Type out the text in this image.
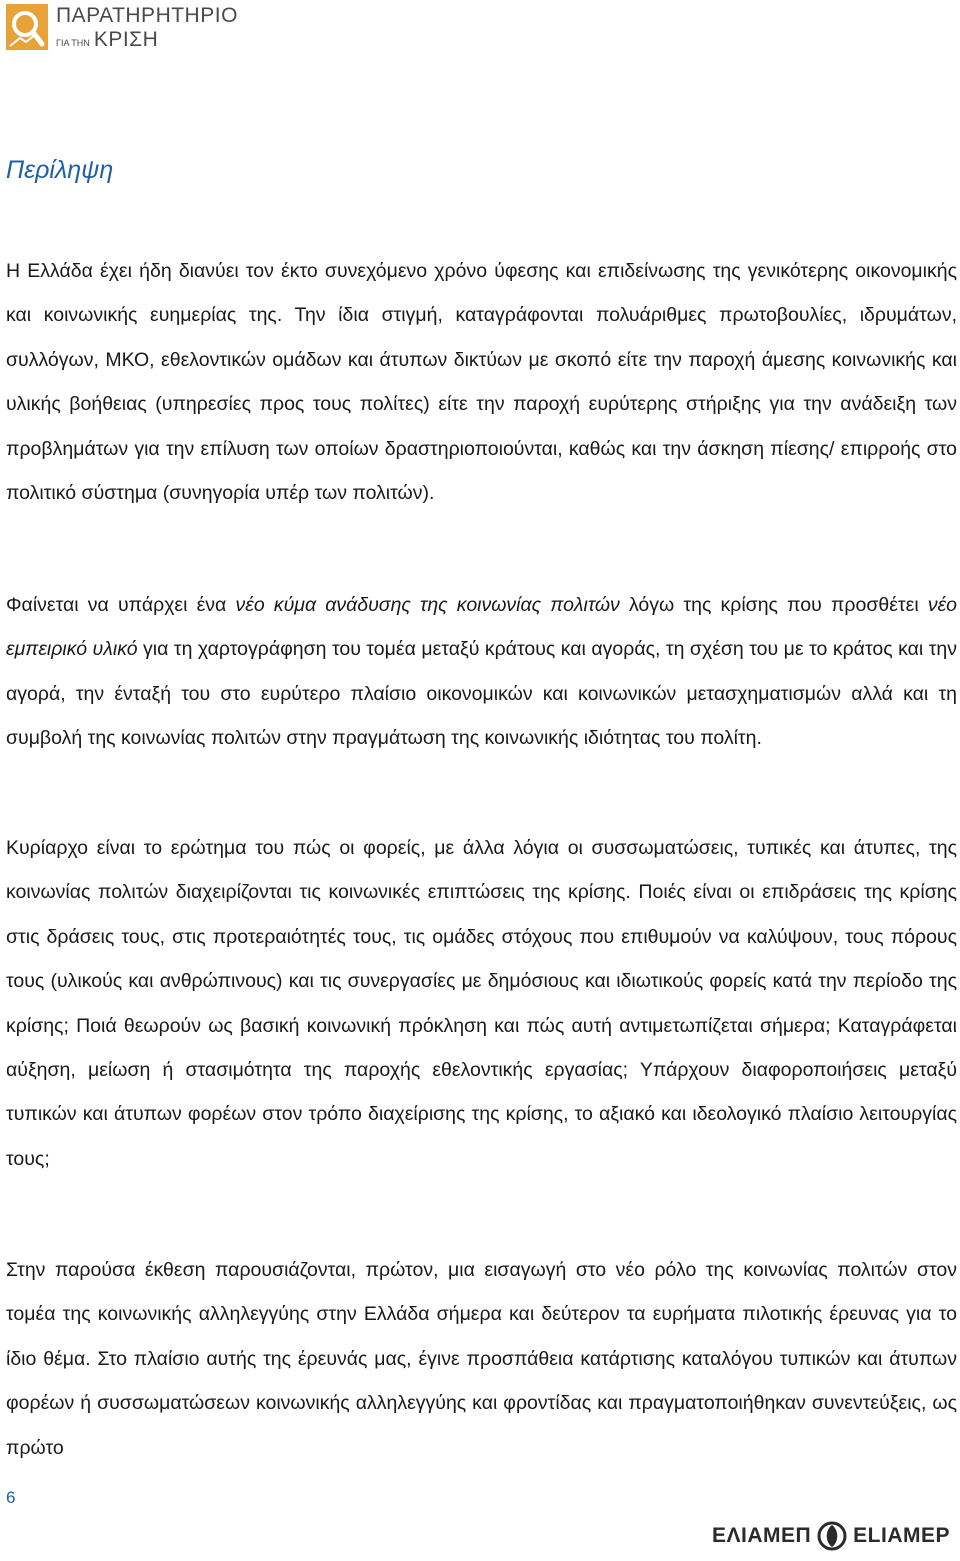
ΠΑΡΑΤΗΡΗΤΗΡΙΟ
ΓΙΑ ΤΗΝ ΚΡΙΣΗ
Περίληψη

Η Ελλάδα έχει ήδη διανύει τον έκτο συνεχόμενο χρόνο ύφεσης και επιδείνωσης της γενικότερης οικονομικής και κοινωνικής ευημερίας της. Την ίδια στιγμή, καταγράφονται πολυάριθμες πρωτοβουλίες, ιδρυμάτων, συλλόγων, ΜΚΟ, εθελοντικών ομάδων και άτυπων δικτύων με σκοπό είτε την παροχή άμεσης κοινωνικής και υλικής βοήθειας (υπηρεσίες προς τους πολίτες) είτε την παροχή ευρύτερης στήριξης για την ανάδειξη των προβλημάτων για την επίλυση των οποίων δραστηριοποιούνται, καθώς και την άσκηση πίεσης/ επιρροής στο πολιτικό σύστημα (συνηγορία υπέρ των πολιτών).

Φαίνεται να υπάρχει ένα νέο κύμα ανάδυσης της κοινωνίας πολιτών λόγω της κρίσης που προσθέτει νέο εμπειρικό υλικό για τη χαρτογράφηση του τομέα μεταξύ κράτους και αγοράς, τη σχέση του με το κράτος και την αγορά, την ένταξή του στο ευρύτερο πλαίσιο οικονομικών και κοινωνικών μετασχηματισμών αλλά και τη συμβολή της κοινωνίας πολιτών στην πραγμάτωση της κοινωνικής ιδιότητας του πολίτη.

Κυρίαρχο είναι το ερώτημα του πώς οι φορείς, με άλλα λόγια οι συσσωματώσεις, τυπικές και άτυπες, της κοινωνίας πολιτών διαχειρίζονται τις κοινωνικές επιπτώσεις της κρίσης. Ποιές είναι οι επιδράσεις της κρίσης στις δράσεις τους, στις προτεραιότητές τους, τις ομάδες στόχους που επιθυμούν να καλύψουν, τους πόρους τους (υλικούς και ανθρώπινους) και τις συνεργασίες με δημόσιους και ιδιωτικούς φορείς κατά την περίοδο της κρίσης; Ποιά θεωρούν ως βασική κοινωνική πρόκληση και πώς αυτή αντιμετωπίζεται σήμερα; Καταγράφεται αύξηση, μείωση ή στασιμότητα της παροχής εθελοντικής εργασίας; Υπάρχουν διαφοροποιήσεις μεταξύ τυπικών και άτυπων φορέων στον τρόπο διαχείρισης της κρίσης, το αξιακό και ιδεολογικό πλαίσιο λειτουργίας τους;

Στην παρούσα έκθεση παρουσιάζονται, πρώτον, μια εισαγωγή στο νέο ρόλο της κοινωνίας πολιτών στον τομέα της κοινωνικής αλληλεγγύης στην Ελλάδα σήμερα και δεύτερον τα ευρήματα πιλοτικής έρευνας για το ίδιο θέμα. Στο πλαίσιο αυτής της έρευνάς μας, έγινε προσπάθεια κατάρτισης καταλόγου τυπικών και άτυπων φορέων ή συσσωματώσεων κοινωνικής αλληλεγγύης και φροντίδας και πραγματοποιήθηκαν συνεντεύξεις, ως πρώτο

6
ΕΛΙΑΜΕΠ ELIAMEP
